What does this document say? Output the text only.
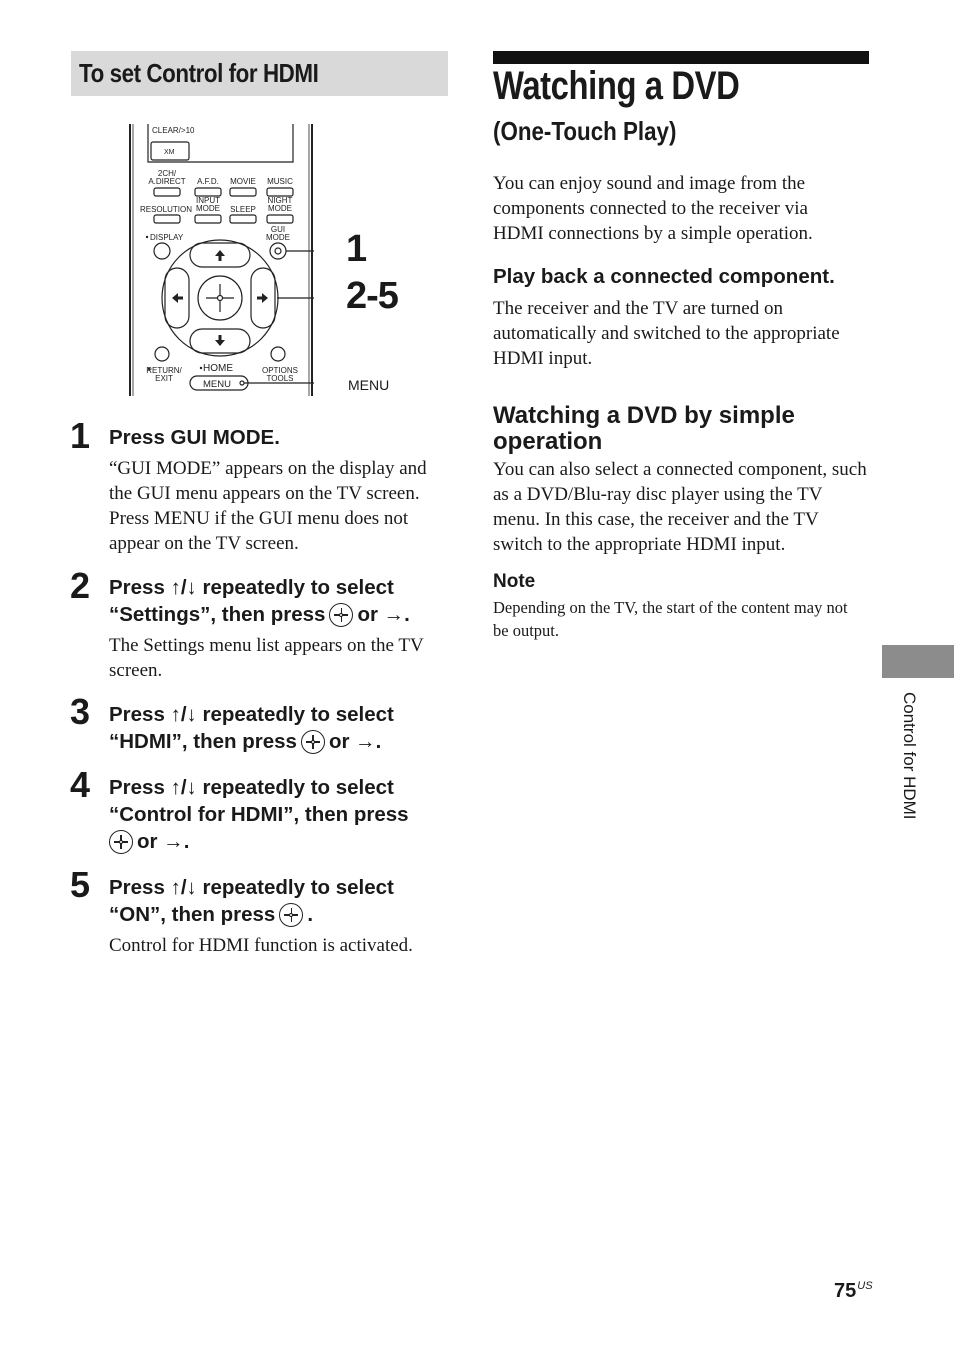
To set Control for HDMI
CLEAR/>10
XM
2CH/
A.DIRECT A.F.D. MOVIE MUSIC
RESOLUTION
INPUT
MODE SLEEP
NIGHT
MODE
DISPLAY
GUI
MODE
RETURN/
EXIT
HOME
MENU
OPTIONS
TOOLS
1
2-5
MENU
1 Press GUI MODE.
“GUI MODE” appears on the display and the GUI menu appears on the TV screen. Press MENU if the GUI menu does not appear on the TV screen.
2 Press ↑/↓ repeatedly to select
“Settings”, then press or →.
The Settings menu list appears on the TV screen.
3 Press ↑/↓ repeatedly to select
“HDMI”, then press or →.
4 Press ↑/↓ repeatedly to select
“Control for HDMI”, then press

or →.
5 Press ↑/↓ repeatedly to select
“ON”, then press .
Control for HDMI function is activated.
Watching a DVD
(One-Touch Play)
You can enjoy sound and image from the components connected to the receiver via HDMI connections by a simple operation.
Play back a connected component.
The receiver and the TV are turned on automatically and switched to the appropriate HDMI input.
Watching a DVD by simple operation
You can also select a connected component, such as a DVD/Blu-ray disc player using the TV menu. In this case, the receiver and the TV switch to the appropriate HDMI input.
Note
Depending on the TV, the start of the content may not be output.
Control for HDMI
$75^{US}$
